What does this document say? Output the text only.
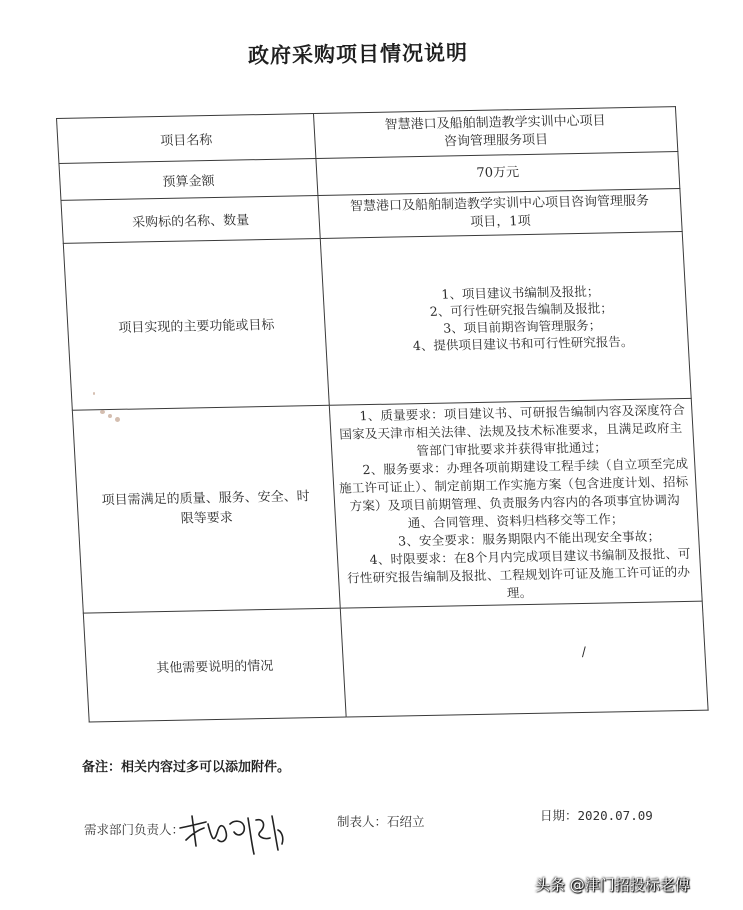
政府采购项目情况说明
项目名称	智慧港口及船舶制造教学实训中心项目
咨询管理服务项目

预算金额	70万元

采购标的名称、数量	智慧港口及船舶制造教学实训中心项目咨询管理服务
项目，1项

项目实现的主要功能或目标	1、项目建议书编制及报批；
2、可行性研究报告编制及报批；
3、项目前期咨询管理服务；
4、提供项目建议书和可行性研究报告。

项目需满足的质量、服务、安全、时
限等要求	1、质量要求：项目建议书、可研报告编制内容及深度符合国家及天津市相关法律、法规及技术标准要求，且满足政府主管部门审批要求并获得审批通过；
2、服务要求：办理各项前期建设工程手续（自立项至完成施工许可证止）、制定前期工作实施方案（包含进度计划、招标方案）及项目前期管理、负责服务内容内的各项事宜协调沟通、合同管理、资料归档移交等工作；
3、安全要求：服务期限内不能出现安全事故；
4、时限要求：在8个月内完成项目建议书编制及报批、可行性研究报告编制及报批、工程规划许可证及施工许可证的办理。

其他需要说明的情况	/
备注：相关内容过多可以添加附件。
需求部门负责人：
制表人：石绍立	日期：2020.07.09
头条 @津门招投标老傳
